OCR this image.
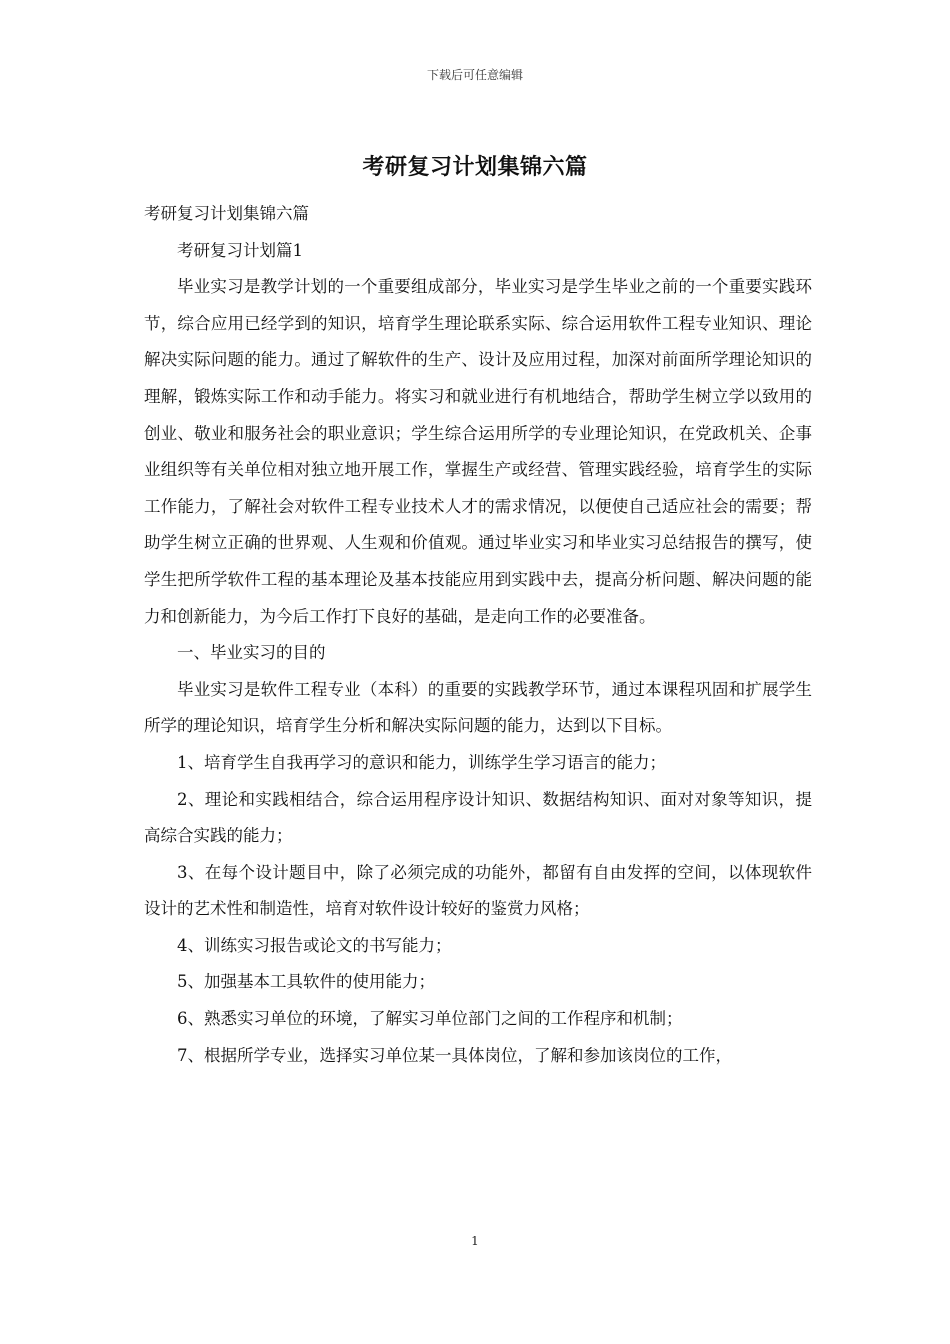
下载后可任意编辑
考研复习计划集锦六篇

考研复习计划集锦六篇

考研复习计划篇1

毕业实习是教学计划的一个重要组成部分，毕业实习是学生毕业之前的一个重要实践环节，综合应用已经学到的知识，培育学生理论联系实际、综合运用软件工程专业知识、理论解决实际问题的能力。通过了解软件的生产、设计及应用过程，加深对前面所学理论知识的理解，锻炼实际工作和动手能力。将实习和就业进行有机地结合，帮助学生树立学以致用的创业、敬业和服务社会的职业意识；学生综合运用所学的专业理论知识，在党政机关、企事业组织等有关单位相对独立地开展工作，掌握生产或经营、管理实践经验，培育学生的实际工作能力，了解社会对软件工程专业技术人才的需求情况，以便使自己适应社会的需要；帮助学生树立正确的世界观、人生观和价值观。通过毕业实习和毕业实习总结报告的撰写，使学生把所学软件工程的基本理论及基本技能应用到实践中去，提高分析问题、解决问题的能力和创新能力，为今后工作打下良好的基础，是走向工作的必要准备。

一、毕业实习的目的

毕业实习是软件工程专业（本科）的重要的实践教学环节，通过本课程巩固和扩展学生所学的理论知识，培育学生分析和解决实际问题的能力，达到以下目标。

1、培育学生自我再学习的意识和能力，训练学生学习语言的能力；

2、理论和实践相结合，综合运用程序设计知识、数据结构知识、面对对象等知识，提高综合实践的能力；

3、在每个设计题目中，除了必须完成的功能外，都留有自由发挥的空间，以体现软件设计的艺术性和制造性，培育对软件设计较好的鉴赏力风格；

4、训练实习报告或论文的书写能力；

5、加强基本工具软件的使用能力；

6、熟悉实习单位的环境，了解实习单位部门之间的工作程序和机制；

7、根据所学专业，选择实习单位某一具体岗位，了解和参加该岗位的工作，

1
